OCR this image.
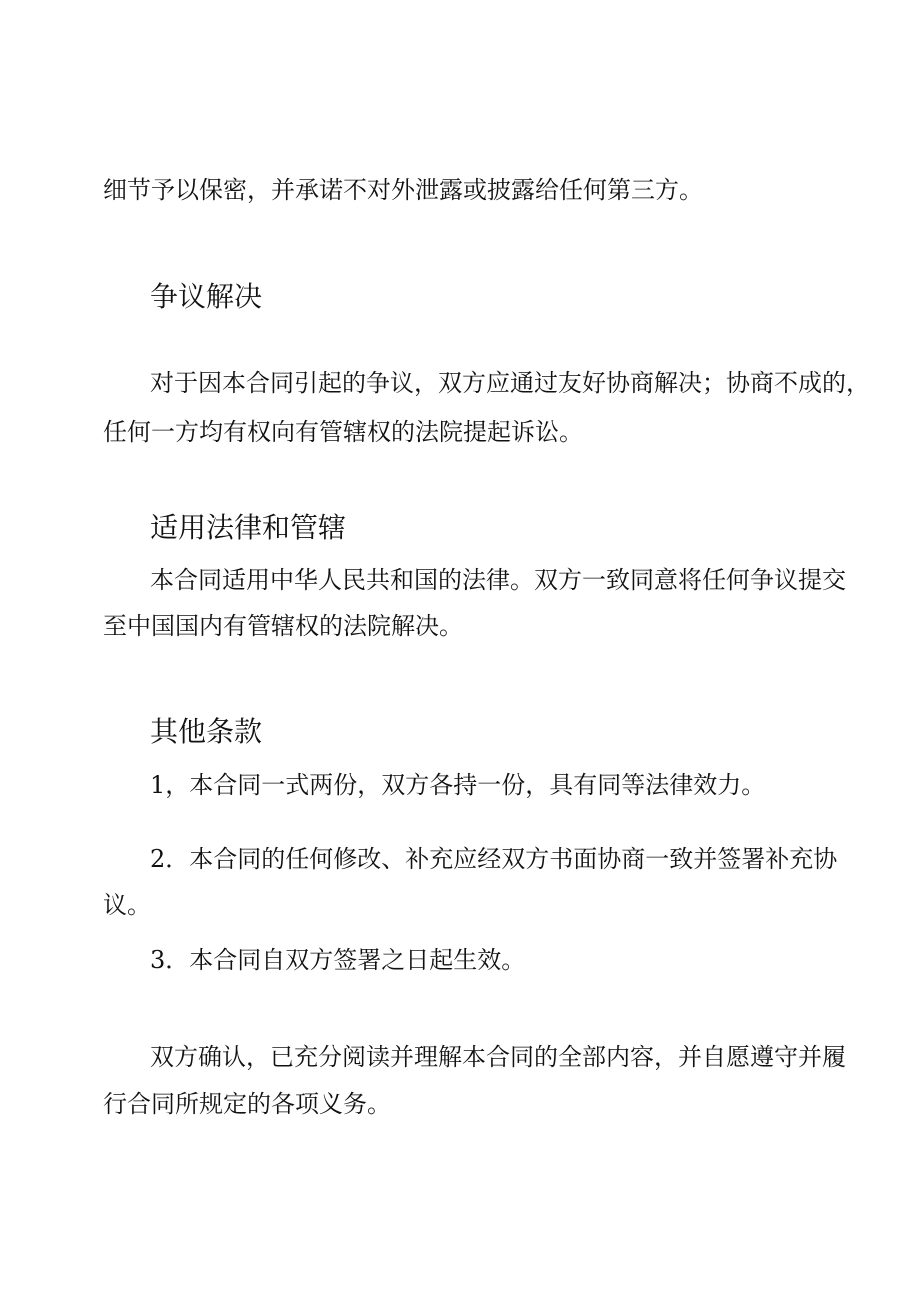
细节予以保密，并承诺不对外泄露或披露给任何第三方。

争议解决

对于因本合同引起的争议，双方应通过友好协商解决；协商不成的，

任何一方均有权向有管辖权的法院提起诉讼。

适用法律和管辖

本合同适用中华人民共和国的法律。双方一致同意将任何争议提交

至中国国内有管辖权的法院解决。

其他条款

1，本合同一式两份，双方各持一份，具有同等法律效力。

2．本合同的任何修改、补充应经双方书面协商一致并签署补充协

议。

3．本合同自双方签署之日起生效。

双方确认，已充分阅读并理解本合同的全部内容，并自愿遵守并履

行合同所规定的各项义务。
